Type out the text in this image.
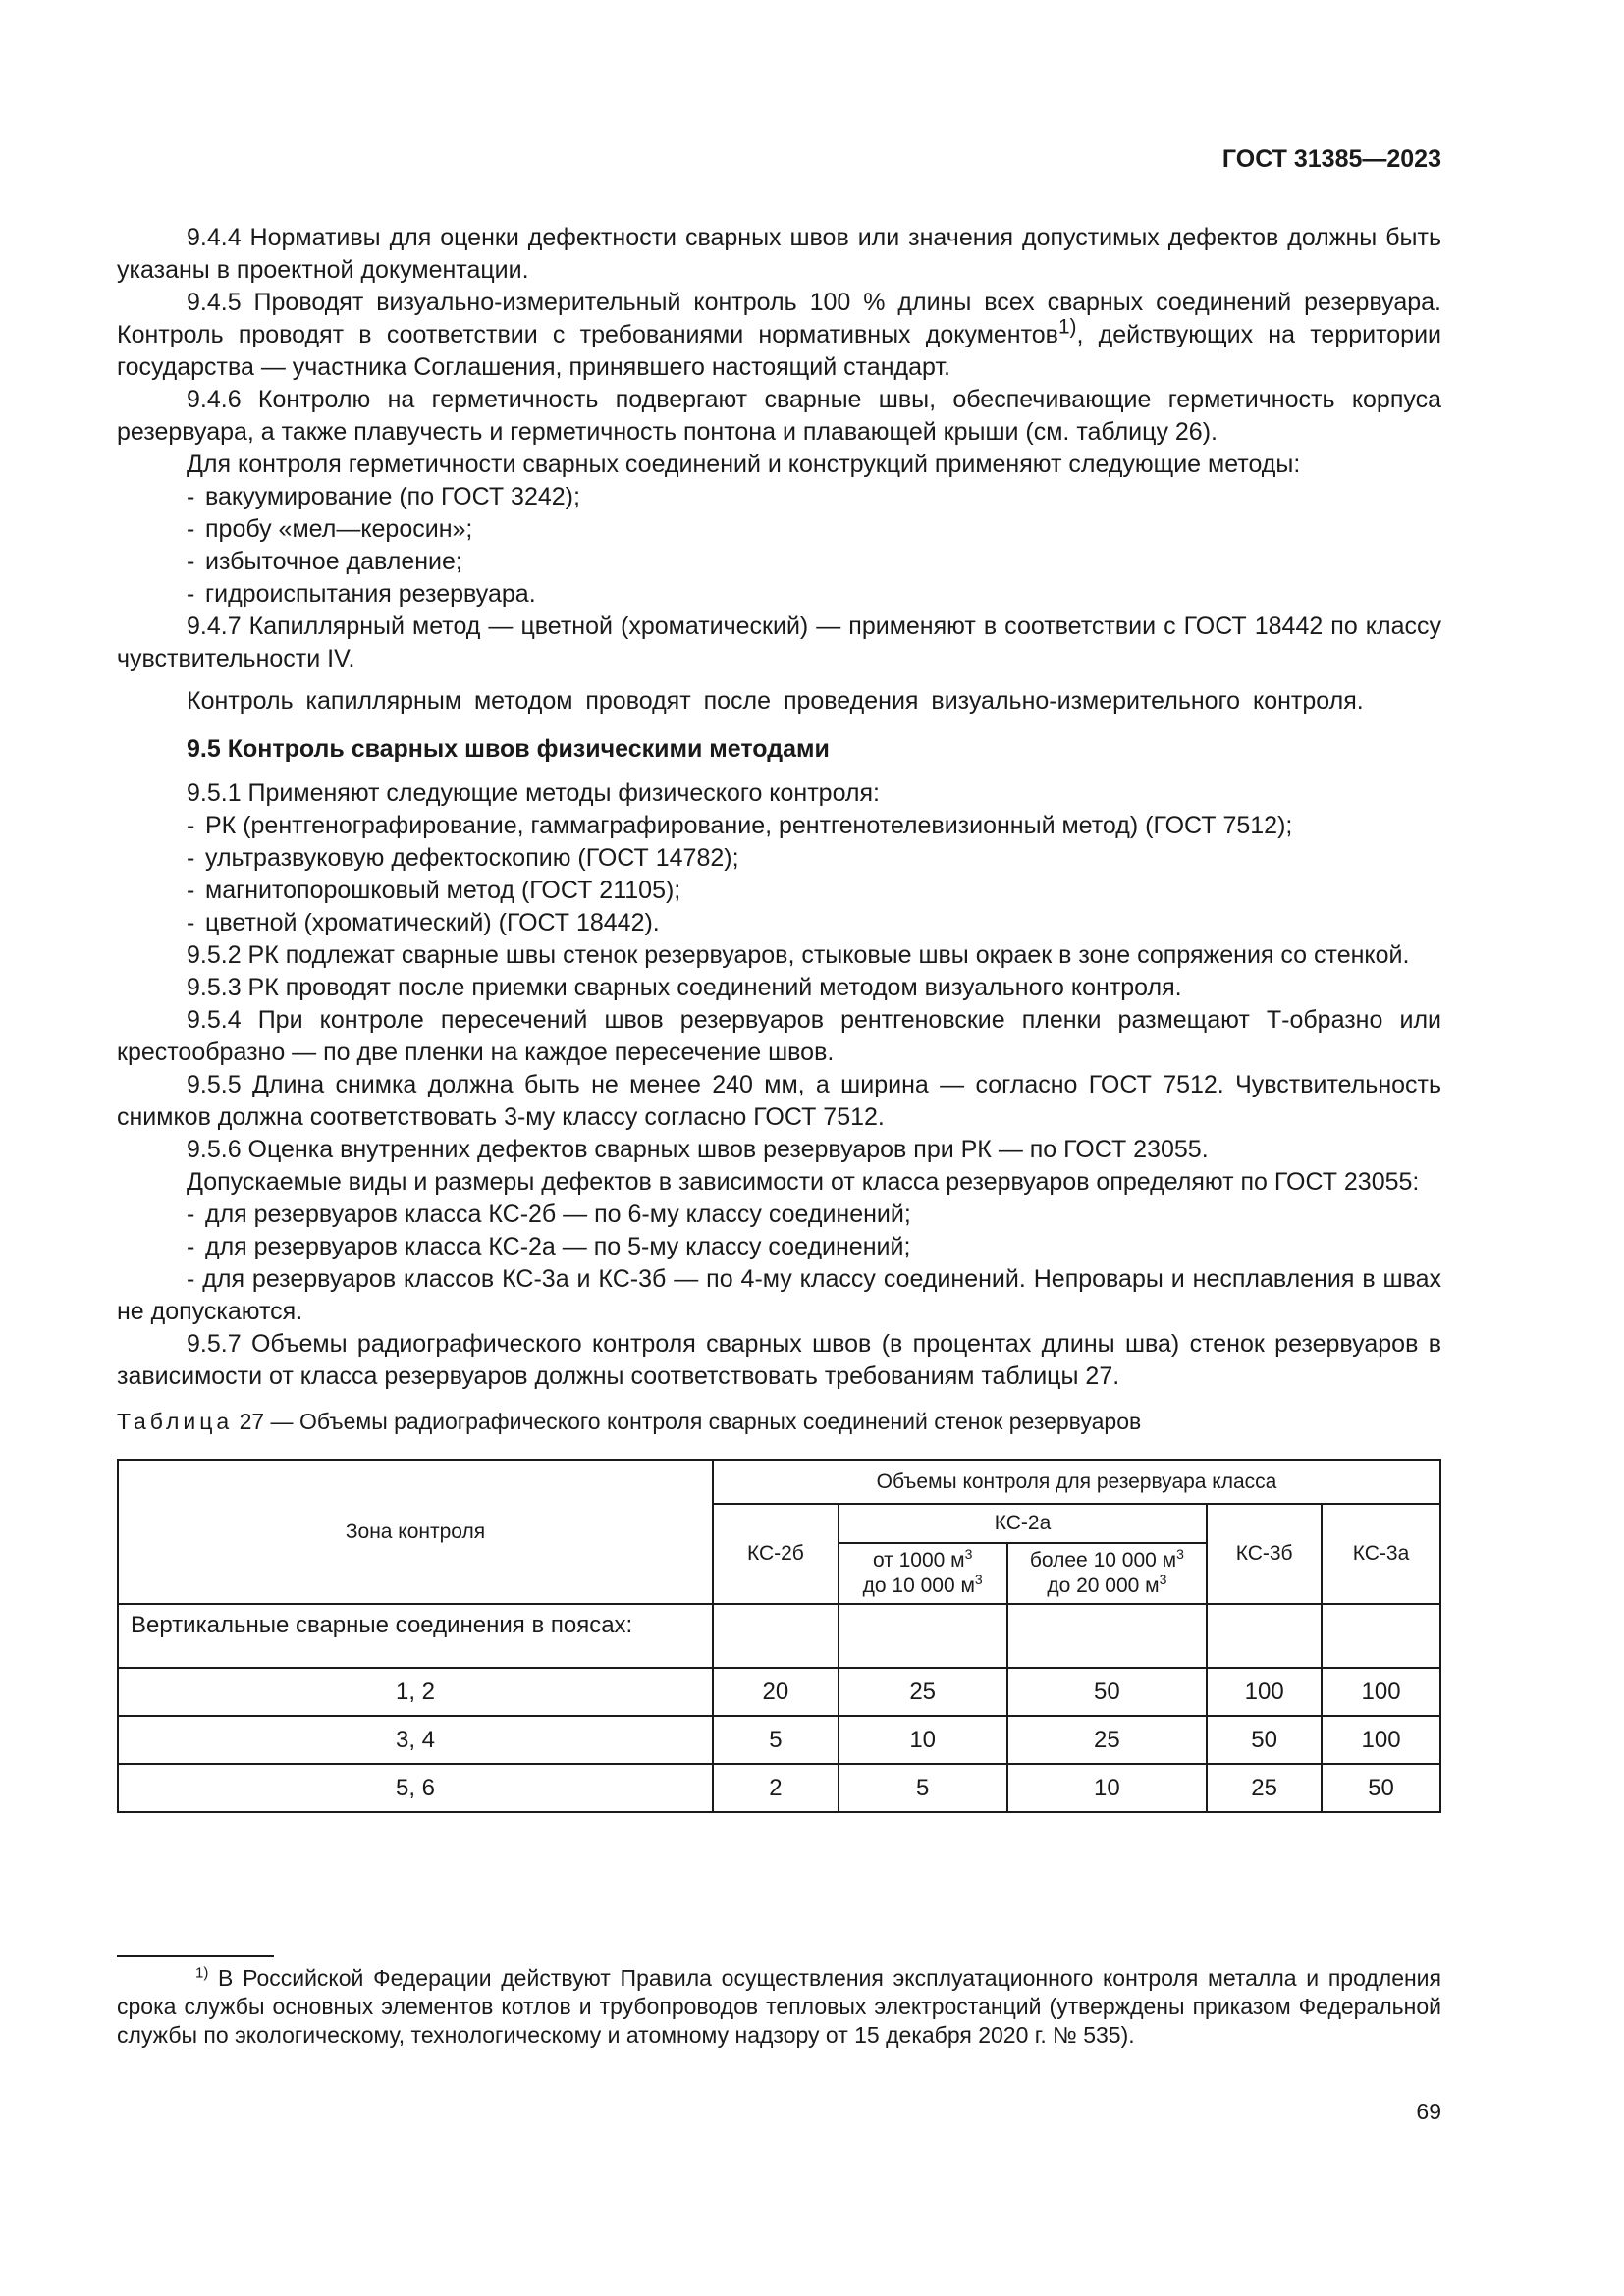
ГОСТ 31385—2023

9.4.4 Нормативы для оценки дефектности сварных швов или значения допустимых дефектов должны быть указаны в проектной документации.

9.4.5 Проводят визуально-измерительный контроль 100 % длины всех сварных соединений резервуара. Контроль проводят в соответствии с требованиями нормативных документов$^{1)}$, действующих на территории государства — участника Соглашения, принявшего настоящий стандарт.

9.4.6 Контролю на герметичность подвергают сварные швы, обеспечивающие герметичность корпуса резервуара, а также плавучесть и герметичность понтона и плавающей крыши (см. таблицу 26).

Для контроля герметичности сварных соединений и конструкций применяют следующие методы:

- вакуумирование (по ГОСТ 3242);

- пробу «мел—керосин»;

- избыточное давление;

- гидроиспытания резервуара.

9.4.7 Капиллярный метод — цветной (хроматический) — применяют в соответствии с ГОСТ 18442 по классу чувствительности IV.

Контроль капиллярным методом проводят после проведения визуально-измерительного контроля.

9.5 Контроль сварных швов физическими методами

9.5.1 Применяют следующие методы физического контроля:

- РК (рентгенографирование, гаммаграфирование, рентгенотелевизионный метод) (ГОСТ 7512);

- ультразвуковую дефектоскопию (ГОСТ 14782);

- магнитопорошковый метод (ГОСТ 21105);

- цветной (хроматический) (ГОСТ 18442).

9.5.2 РК подлежат сварные швы стенок резервуаров, стыковые швы окраек в зоне сопряжения со стенкой.

9.5.3 РК проводят после приемки сварных соединений методом визуального контроля.

9.5.4 При контроле пересечений швов резервуаров рентгеновские пленки размещают Т-образно или крестообразно — по две пленки на каждое пересечение швов.

9.5.5 Длина снимка должна быть не менее 240 мм, а ширина — согласно ГОСТ 7512. Чувствительность снимков должна соответствовать 3-му классу согласно ГОСТ 7512.

9.5.6 Оценка внутренних дефектов сварных швов резервуаров при РК — по ГОСТ 23055.

Допускаемые виды и размеры дефектов в зависимости от класса резервуаров определяют по ГОСТ 23055:

- для резервуаров класса КС-2б — по 6-му классу соединений;

- для резервуаров класса КС-2а — по 5-му классу соединений;

- для резервуаров классов КС-3а и КС-3б — по 4-му классу соединений. Непровары и несплавления в швах не допускаются.

9.5.7 Объемы радиографического контроля сварных швов (в процентах длины шва) стенок резервуаров в зависимости от класса резервуаров должны соответствовать требованиям таблицы 27.

Таблица 27 — Объемы радиографического контроля сварных соединений стенок резервуаров

Зона контроля	Объемы контроля для резервуара класса				
	КС-2б	КС-2а		КС-3б	КС-3а
		от 1000 $м^3$
до 10 000 $м^3$	более 10 000 $м^3$
до 20 000 $м^3$
Вертикальные сварные соединения в поясах:					
1, 2	20	25	50	100	100
3, 4	5	10	25	50	100
5, 6	2	5	10	25	50

$^{1)}$ В Российской Федерации действуют Правила осуществления эксплуатационного контроля металла и продления срока службы основных элементов котлов и трубопроводов тепловых электростанций (утверждены приказом Федеральной службы по экологическому, технологическому и атомному надзору от 15 декабря 2020 г. № 535).

69
